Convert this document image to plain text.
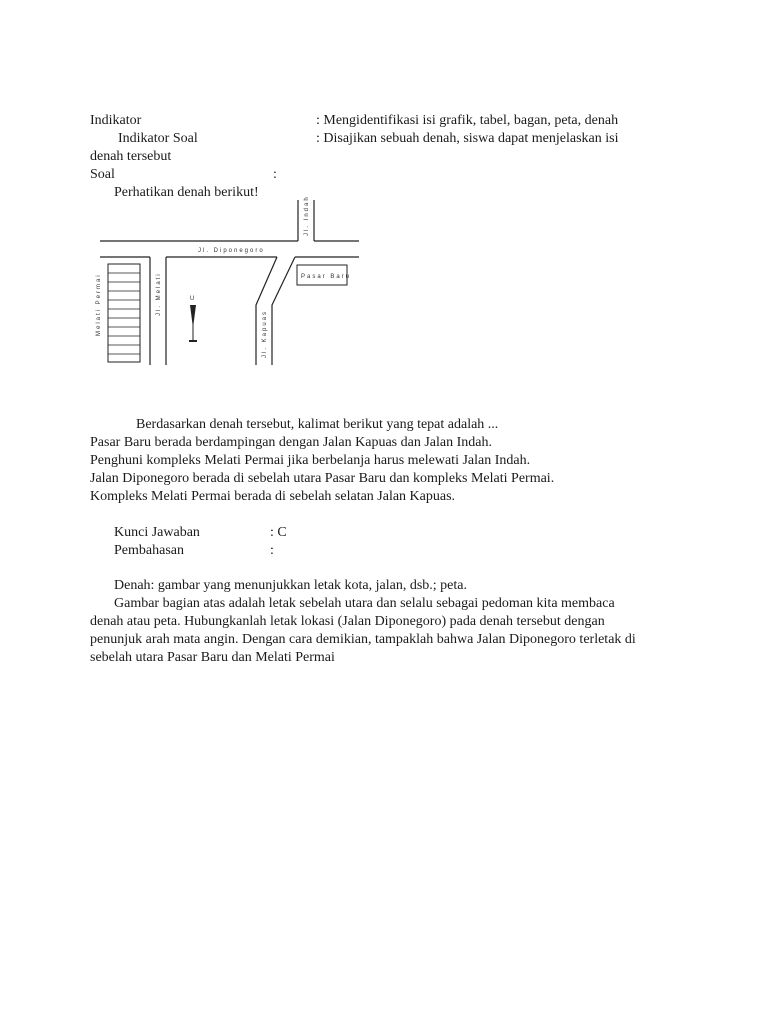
Indikator	: Mengidentifikasi isi grafik, tabel, bagan, peta, denah
Indikator Soal	: Disajikan sebuah denah, siswa dapat menjelaskan isi
denah tersebut
Soal	:
Perhatikan denah berikut!
Jl. Diponegoro
Pasar Baru
Jl. Indah
Melati Permai	Jl. Melati
Jl. Kapuas
U
Berdasarkan denah tersebut, kalimat berikut yang tepat adalah ...
Pasar Baru berada berdampingan dengan Jalan Kapuas dan Jalan Indah.
Penghuni kompleks Melati Permai jika berbelanja harus melewati Jalan Indah.
Jalan Diponegoro berada di sebelah utara Pasar Baru dan kompleks Melati Permai.
Kompleks Melati Permai berada di sebelah selatan Jalan Kapuas.
Kunci Jawaban	: C
Pembahasan	:
Denah: gambar yang menunjukkan letak kota, jalan, dsb.; peta.
Gambar bagian atas adalah letak sebelah utara dan selalu sebagai pedoman kita membaca
denah atau peta. Hubungkanlah letak lokasi (Jalan Diponegoro) pada denah tersebut dengan
penunjuk arah mata angin. Dengan cara demikian, tampaklah bahwa Jalan Diponegoro terletak di
sebelah utara Pasar Baru dan Melati Permai
